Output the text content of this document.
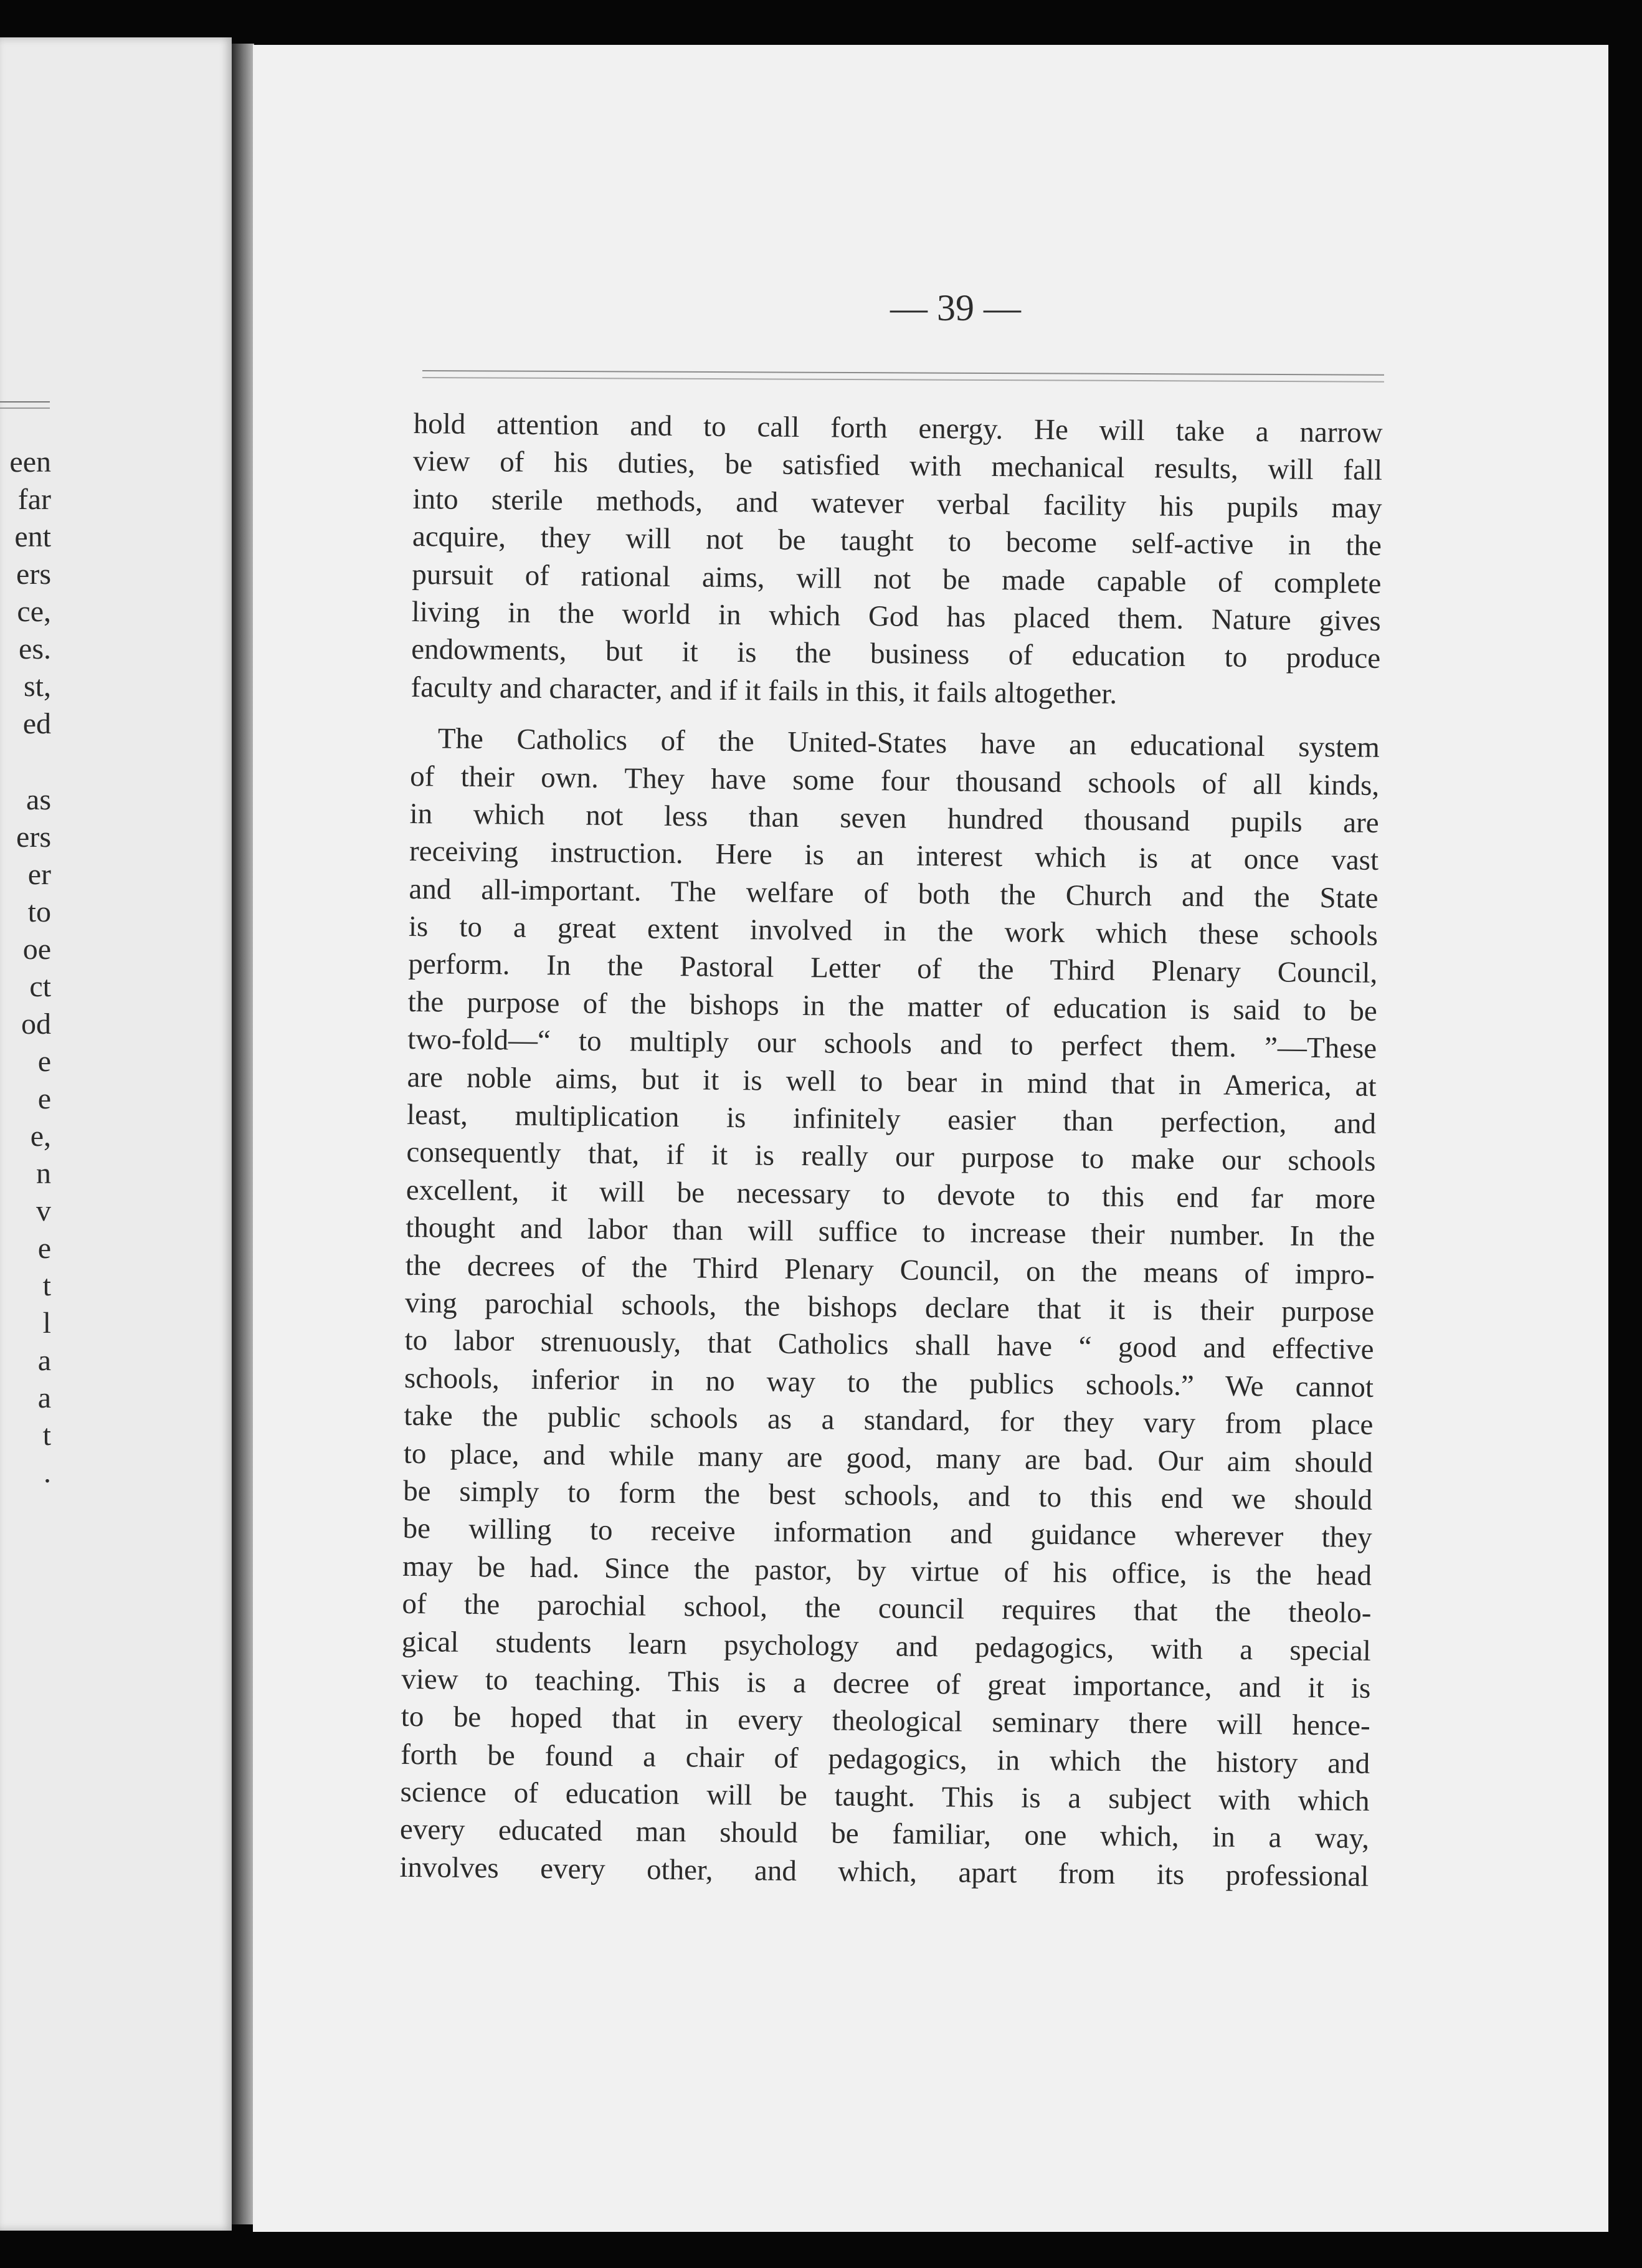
een
far
ent
ers
ce,
es.
st,
ed
as
ers
er
to
oe
ct
od
e
e
e,
n
v
e
t
l
a
a
t
.
— 39 —
hold attention and to call forth energy. He will take a narrow
view of his duties, be satisfied with mechanical results, will fall
into sterile methods, and watever verbal facility his pupils may
acquire, they will not be taught to become self-active in the
pursuit of rational aims, will not be made capable of complete
living in the world in which God has placed them. Nature gives
endowments, but it is the business of education to produce
faculty and character, and if it fails in this, it fails altogether.
The Catholics of the United-States have an educational system
of their own. They have some four thousand schools of all kinds,
in which not less than seven hundred thousand pupils are
receiving instruction. Here is an interest which is at once vast
and all-important. The welfare of both the Church and the State
is to a great extent involved in the work which these schools
perform. In the Pastoral Letter of the Third Plenary Council,
the purpose of the bishops in the matter of education is said to be
two-fold—“ to multiply our schools and to perfect them. ”—These
are noble aims, but it is well to bear in mind that in America, at
least, multiplication is infinitely easier than perfection, and
consequently that, if it is really our purpose to make our schools
excellent, it will be necessary to devote to this end far more
thought and labor than will suffice to increase their number. In the
the decrees of the Third Plenary Council, on the means of impro-
ving parochial schools, the bishops declare that it is their purpose
to labor strenuously, that Catholics shall have “ good and effective
schools, inferior in no way to the publics schools.” We cannot
take the public schools as a standard, for they vary from place
to place, and while many are good, many are bad. Our aim should
be simply to form the best schools, and to this end we should
be willing to receive information and guidance wherever they
may be had. Since the pastor, by virtue of his office, is the head
of the parochial school, the council requires that the theolo-
gical students learn psychology and pedagogics, with a special
view to teaching. This is a decree of great importance, and it is
to be hoped that in every theological seminary there will hence-
forth be found a chair of pedagogics, in which the history and
science of education will be taught. This is a subject with which
every educated man should be familiar, one which, in a way,
involves every other, and which, apart from its professional
